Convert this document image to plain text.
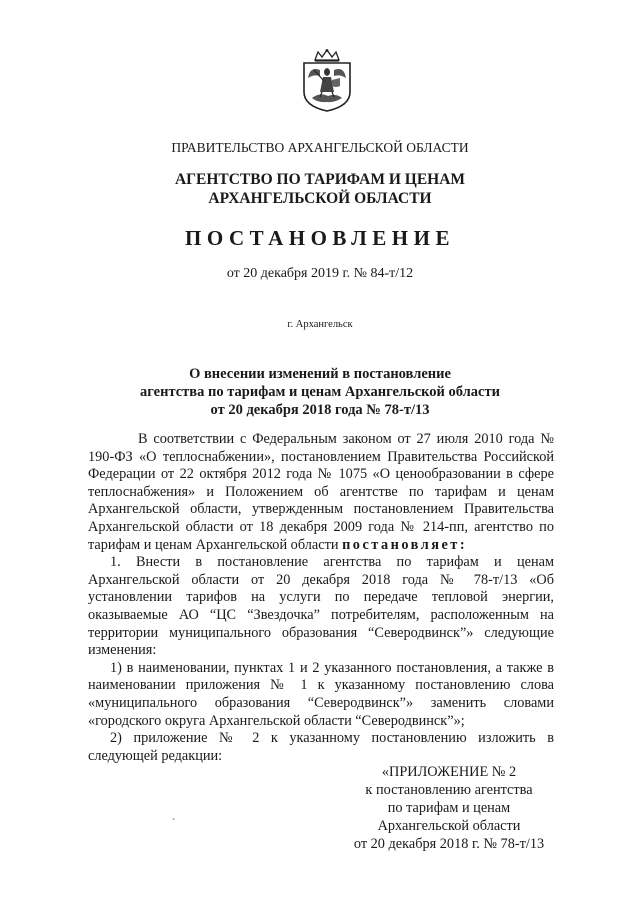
ПРАВИТЕЛЬСТВО АРХАНГЕЛЬСКОЙ ОБЛАСТИ
АГЕНТСТВО ПО ТАРИФАМ И ЦЕНАМ
АРХАНГЕЛЬСКОЙ ОБЛАСТИ
ПОСТАНОВЛЕНИЕ
от 20 декабря 2019 г. № 84-т/12
г. Архангельск
О внесении изменений в постановление
агентства по тарифам и ценам Архангельской области
от 20 декабря 2018 года № 78-т/13
В соответствии с Федеральным законом от 27 июля 2010 года № 190-ФЗ «О теплоснабжении», постановлением Правительства Российской Федерации от 22 октября 2012 года № 1075 «О ценообразовании в сфере теплоснабжения» и Положением об агентстве по тарифам и ценам Архангельской области, утвержденным постановлением Правительства Архангельской области от 18 декабря 2009 года № 214-пп, агентство по тарифам и ценам Архангельской области постановляет:
1. Внести в постановление агентства по тарифам и ценам Архангельской области от 20 декабря 2018 года № 78-т/13 «Об установлении тарифов на услуги по передаче тепловой энергии, оказываемые АО “ЦС “Звездочка” потребителям, расположенным на территории муниципального образования “Северодвинск”» следующие изменения:
1) в наименовании, пунктах 1 и 2 указанного постановления, а также в наименовании приложения № 1 к указанному постановлению слова «муниципального образования “Северодвинск”» заменить словами «городского округа Архангельской области “Северодвинск”»;
2) приложение № 2 к указанному постановлению изложить в следующей редакции:
«ПРИЛОЖЕНИЕ № 2
к постановлению агентства
по тарифам и ценам
Архангельской области
от 20 декабря 2018 г. № 78-т/13
ˋ
